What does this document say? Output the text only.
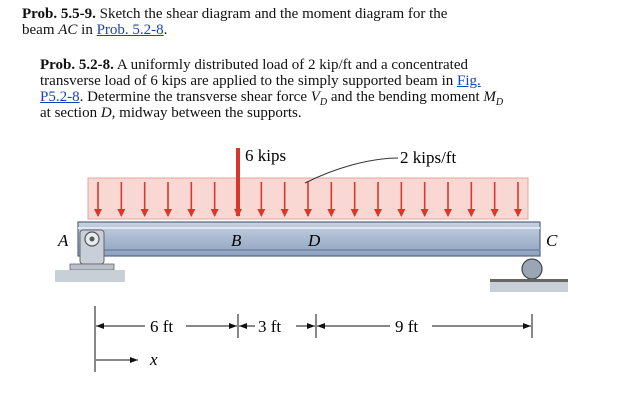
Prob. 5.5-9. Sketch the shear diagram and the moment diagram for the
beam AC in Prob. 5.2-8.
Prob. 5.2-8. A uniformly distributed load of 2 kip/ft and a concentrated
transverse load of 6 kips are applied to the simply supported beam in Fig.
P5.2-8. Determine the transverse shear force $V_D$ and the bending moment $M_D$
at section D, midway between the supports.
6 kips	2 kips/ft
A	B	D	C
6 ft	3 ft	9 ft
x
